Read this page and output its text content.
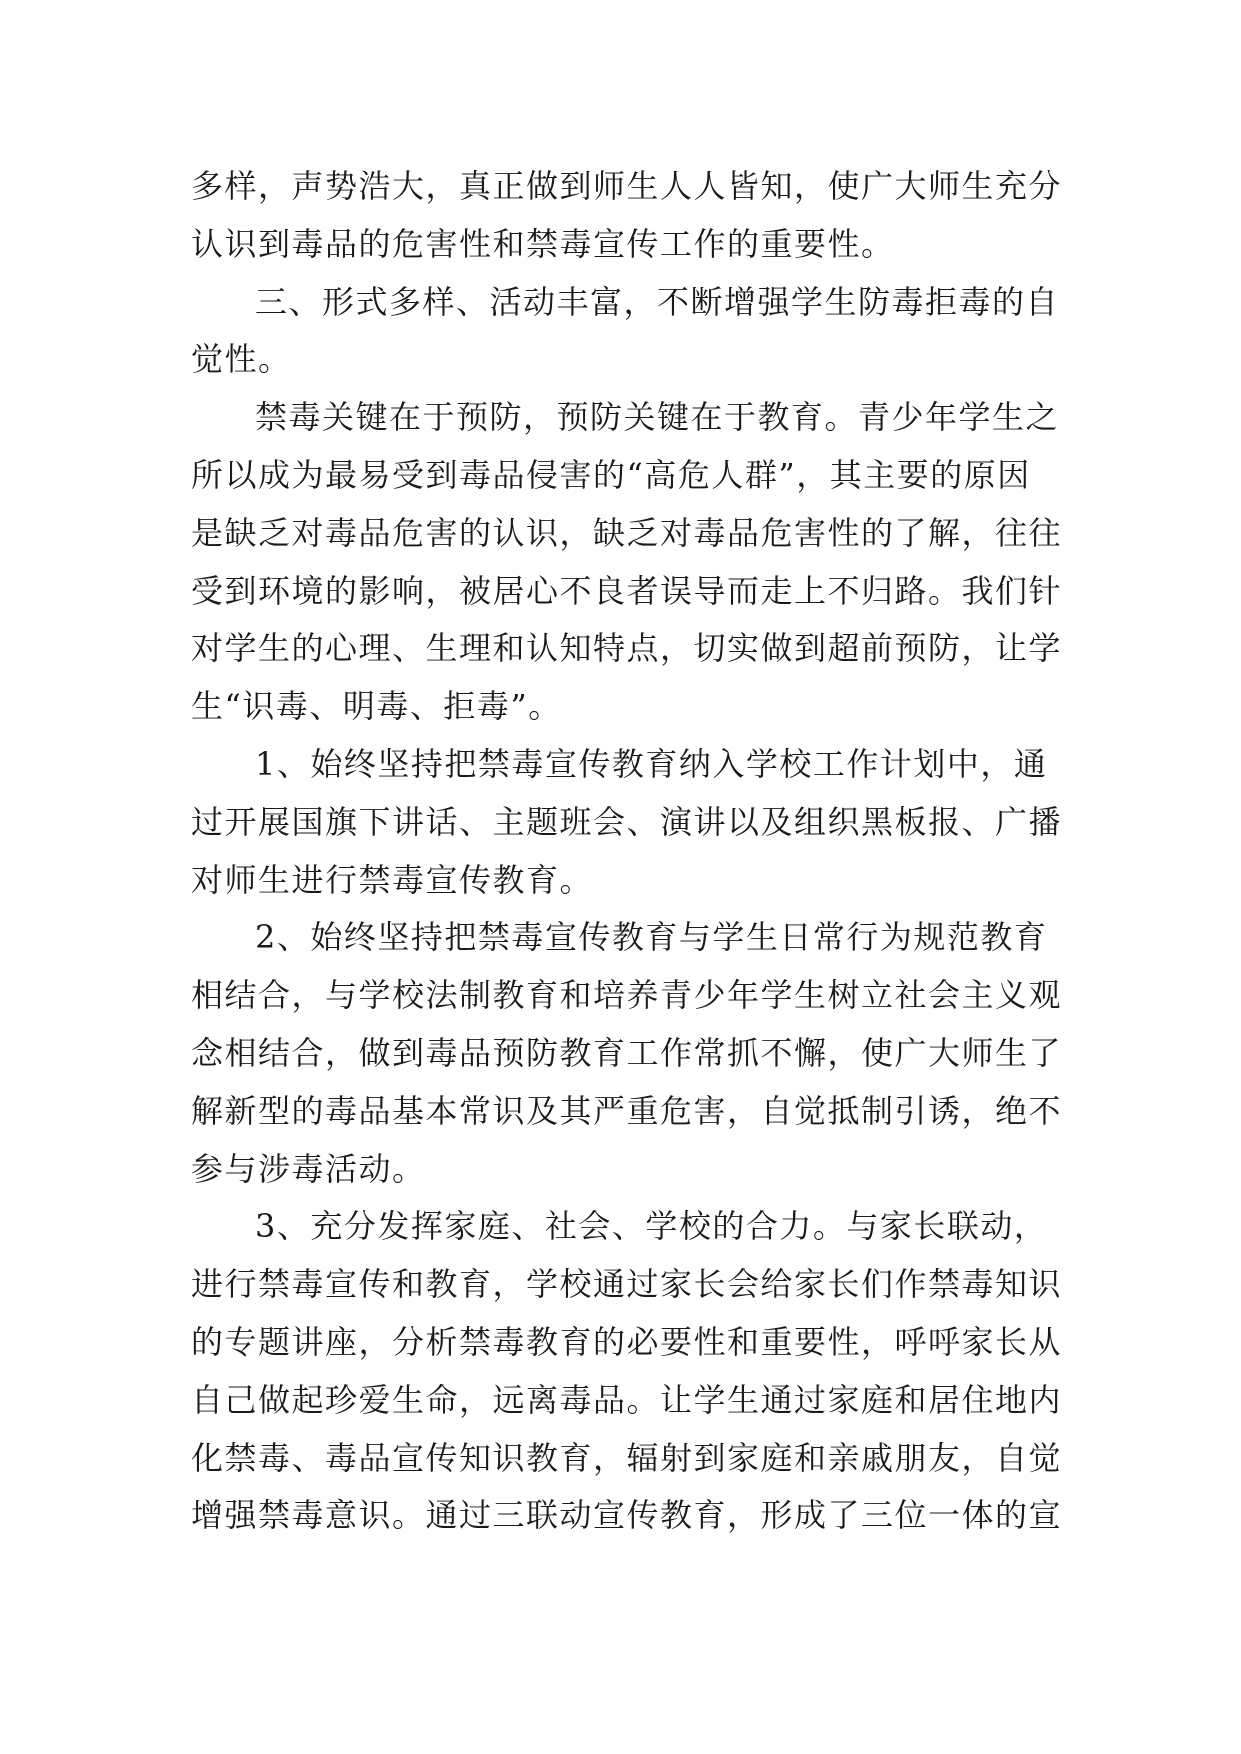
多样，声势浩大，真正做到师生人人皆知，使广大师生充分
认识到毒品的危害性和禁毒宣传工作的重要性。
三、形式多样、活动丰富，不断增强学生防毒拒毒的自
觉性。
禁毒关键在于预防，预防关键在于教育。青少年学生之
所以成为最易受到毒品侵害的“高危人群”，其主要的原因
是缺乏对毒品危害的认识，缺乏对毒品危害性的了解，往往
受到环境的影响，被居心不良者误导而走上不归路。我们针
对学生的心理、生理和认知特点，切实做到超前预防，让学
生“识毒、明毒、拒毒”。
1、始终坚持把禁毒宣传教育纳入学校工作计划中，通
过开展国旗下讲话、主题班会、演讲以及组织黑板报、广播
对师生进行禁毒宣传教育。
2、始终坚持把禁毒宣传教育与学生日常行为规范教育
相结合，与学校法制教育和培养青少年学生树立社会主义观
念相结合，做到毒品预防教育工作常抓不懈，使广大师生了
解新型的毒品基本常识及其严重危害，自觉抵制引诱，绝不
参与涉毒活动。
3、充分发挥家庭、社会、学校的合力。与家长联动，
进行禁毒宣传和教育，学校通过家长会给家长们作禁毒知识
的专题讲座，分析禁毒教育的必要性和重要性，呼呼家长从
自己做起珍爱生命，远离毒品。让学生通过家庭和居住地内
化禁毒、毒品宣传知识教育，辐射到家庭和亲戚朋友，自觉
增强禁毒意识。通过三联动宣传教育，形成了三位一体的宣
